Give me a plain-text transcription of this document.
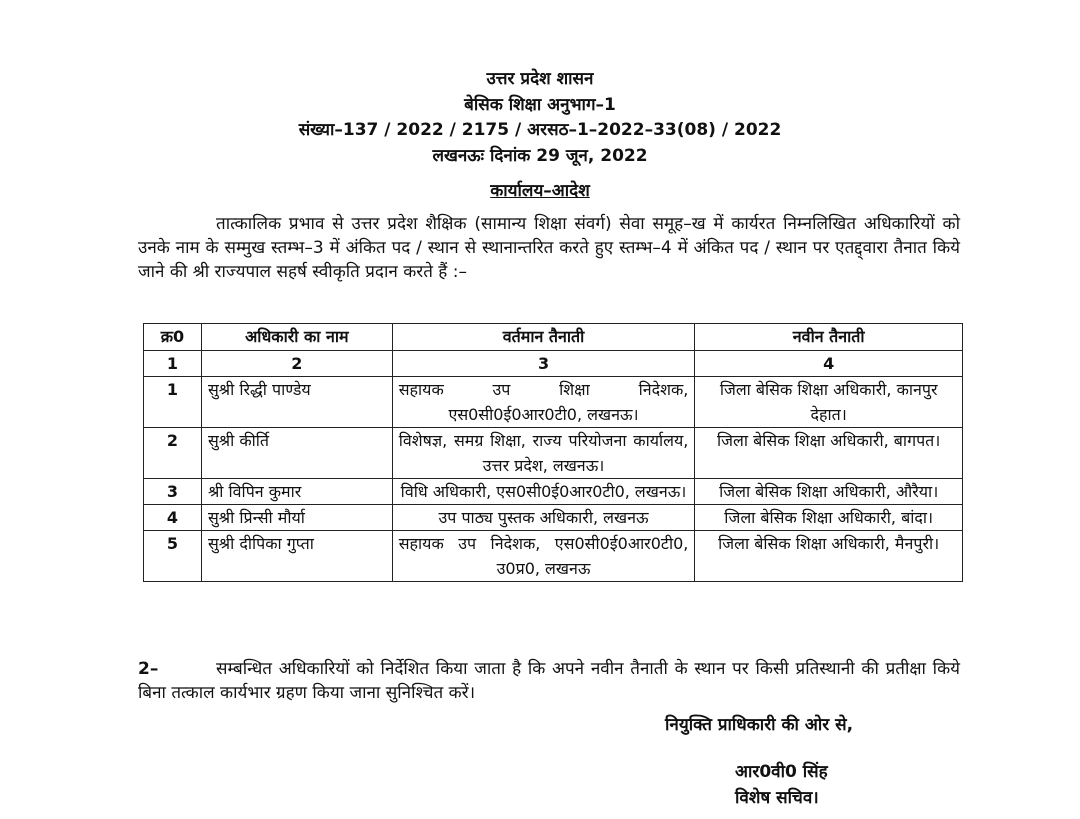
उत्तर प्रदेश शासन
बेसिक शिक्षा अनुभाग–1
संख्या–137 / 2022 / 2175 / अरसठ–1–2022–33(08) / 2022
लखनऊः दिनांक 29 जून, 2022
कार्यालय–आदेश
तात्कालिक प्रभाव से उत्तर प्रदेश शैक्षिक (सामान्य शिक्षा संवर्ग) सेवा समूह–ख में कार्यरत निम्नलिखित अधिकारियों को उनके नाम के सम्मुख स्तम्भ–3 में अंकित पद / स्थान से स्थानान्तरित करते हुए स्तम्भ–4 में अंकित पद / स्थान पर एतद्द्वारा तैनात किये जाने की श्री राज्यपाल सहर्ष स्वीकृति प्रदान करते हैं :–
क्र0	अधिकारी का नाम	वर्तमान तैनाती	नवीन तैनाती
1	2	3	4
1	सुश्री रिद्धी पाण्डेय	सहायक उप शिक्षा निदेशक, एस0सी0ई0आर0टी0, लखनऊ।	जिला बेसिक शिक्षा अधिकारी, कानपुर देहात।
2	सुश्री कीर्ति	विशेषज्ञ, समग्र शिक्षा, राज्य परियोजना कार्यालय, उत्तर प्रदेश, लखनऊ।	जिला बेसिक शिक्षा अधिकारी, बागपत।
3	श्री विपिन कुमार	विधि अधिकारी, एस0सी0ई0आर0टी0, लखनऊ।	जिला बेसिक शिक्षा अधिकारी, औरैया।
4	सुश्री प्रिन्सी मौर्या	उप पाठ्य पुस्तक अधिकारी, लखनऊ	जिला बेसिक शिक्षा अधिकारी, बांदा।
5	सुश्री दीपिका गुप्ता	सहायक उप निदेशक, एस0सी0ई0आर0टी0, उ0प्र0, लखनऊ	जिला बेसिक शिक्षा अधिकारी, मैनपुरी।
2–	सम्बन्धित अधिकारियों को निर्देशित किया जाता है कि अपने नवीन तैनाती के स्थान पर किसी प्रतिस्थानी की प्रतीक्षा किये बिना तत्काल कार्यभार ग्रहण किया जाना सुनिश्चित करें।
नियुक्ति प्राधिकारी की ओर से,
आर0वी0 सिंह
विशेष सचिव।
